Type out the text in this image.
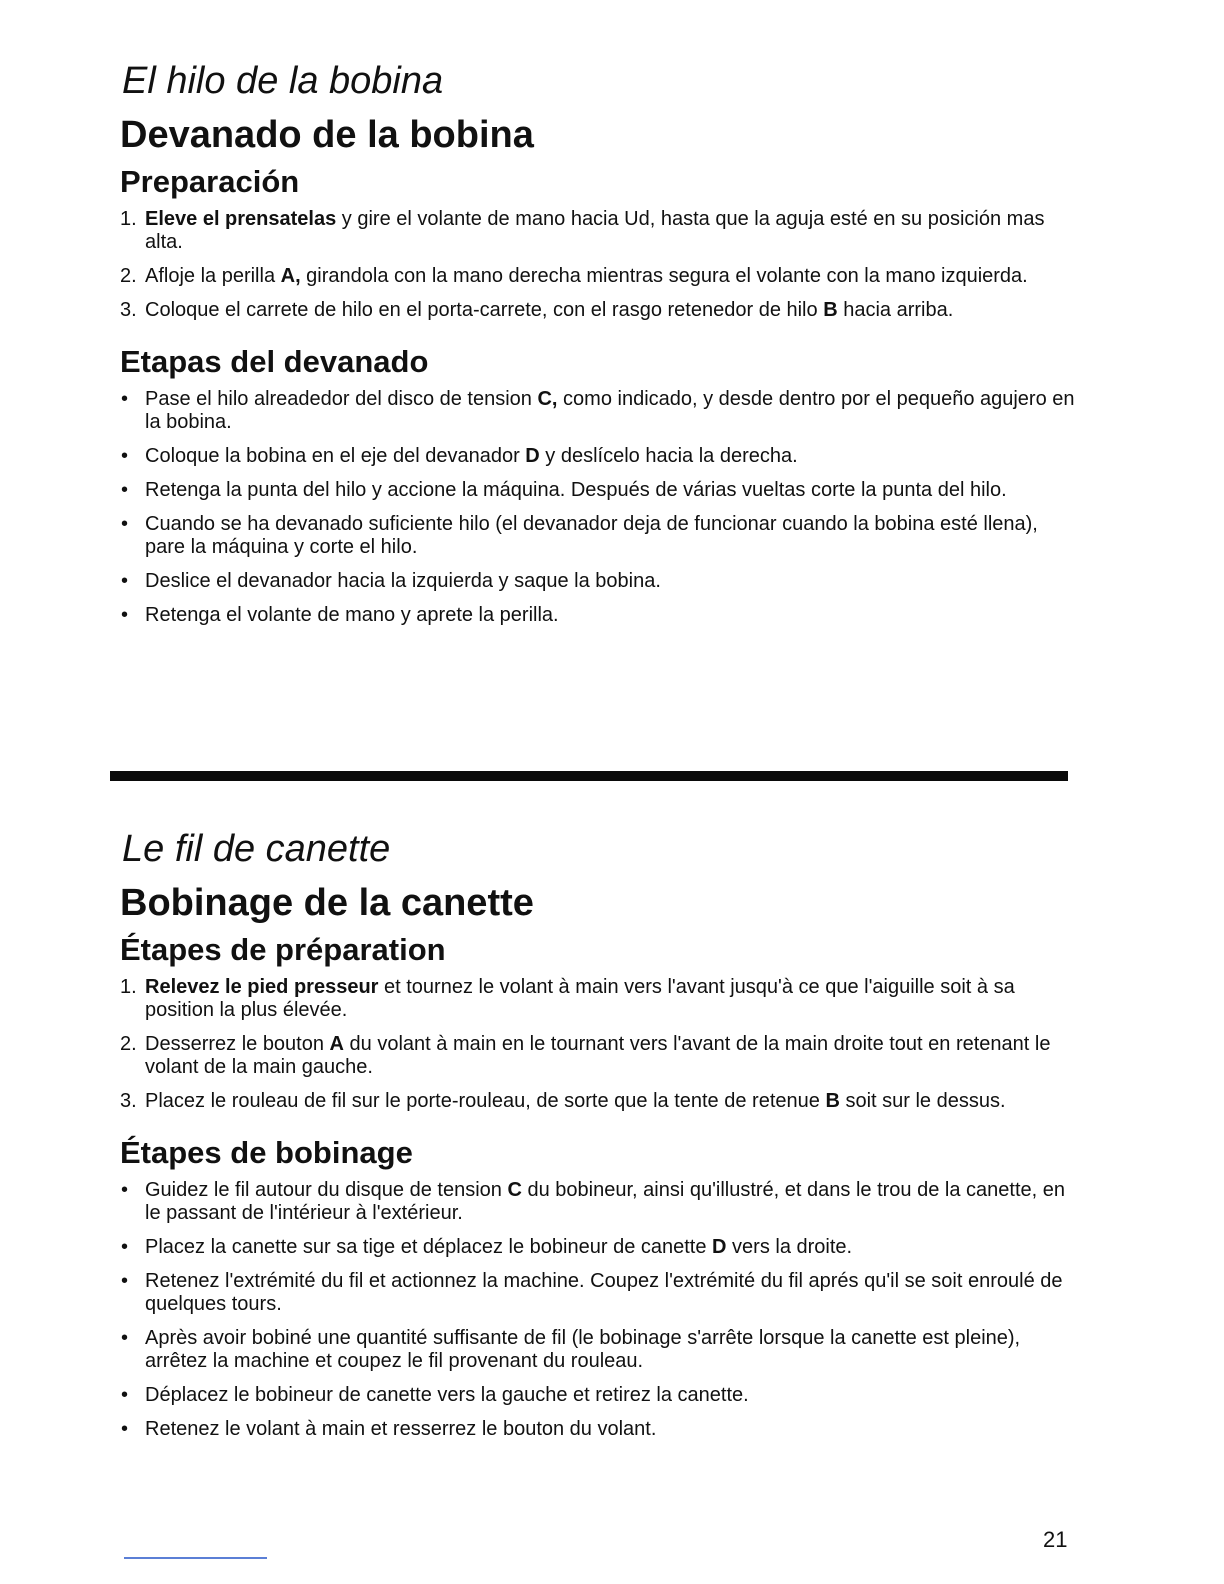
El hilo de la bobina
Devanado de la bobina
Preparación
1. Eleve el prensatelas y gire el volante de mano hacia Ud, hasta que la aguja esté en su posición mas alta.
2. Afloje la perilla A, girandola con la mano derecha mientras segura el volante con la mano izquierda.
3. Coloque el carrete de hilo en el porta-carrete, con el rasgo retenedor de hilo B hacia arriba.
Etapas del devanado
• Pase el hilo alreadedor del disco de tension C, como indicado, y desde dentro por el pequeño agujero en la bobina.
• Coloque la bobina en el eje del devanador D y deslícelo hacia la derecha.
• Retenga la punta del hilo y accione la máquina. Después de várias vueltas corte la punta del hilo.
• Cuando se ha devanado suficiente hilo (el devanador deja de funcionar cuando la bobina esté llena), pare la máquina y corte el hilo.
• Deslice el devanador hacia la izquierda y saque la bobina.
• Retenga el volante de mano y aprete la perilla.
Le fil de canette
Bobinage de la canette
Étapes de préparation
1. Relevez le pied presseur et tournez le volant à main vers l'avant jusqu'à ce que l'aiguille soit à sa position la plus élevée.
2. Desserrez le bouton A du volant à main en le tournant vers l'avant de la main droite tout en retenant le volant de la main gauche.
3. Placez le rouleau de fil sur le porte-rouleau, de sorte que la tente de retenue B soit sur le dessus.
Étapes de bobinage
• Guidez le fil autour du disque de tension C du bobineur, ainsi qu'illustré, et dans le trou de la canette, en le passant de l'intérieur à l'extérieur.
• Placez la canette sur sa tige et déplacez le bobineur de canette D vers la droite.
• Retenez l'extrémité du fil et actionnez la machine. Coupez l'extrémité du fil aprés qu'il se soit enroulé de quelques tours.
• Après avoir bobiné une quantité suffisante de fil (le bobinage s'arrête lorsque la canette est pleine), arrêtez la machine et coupez le fil provenant du rouleau.
• Déplacez le bobineur de canette vers la gauche et retirez la canette.
• Retenez le volant à main et resserrez le bouton du volant.
21
